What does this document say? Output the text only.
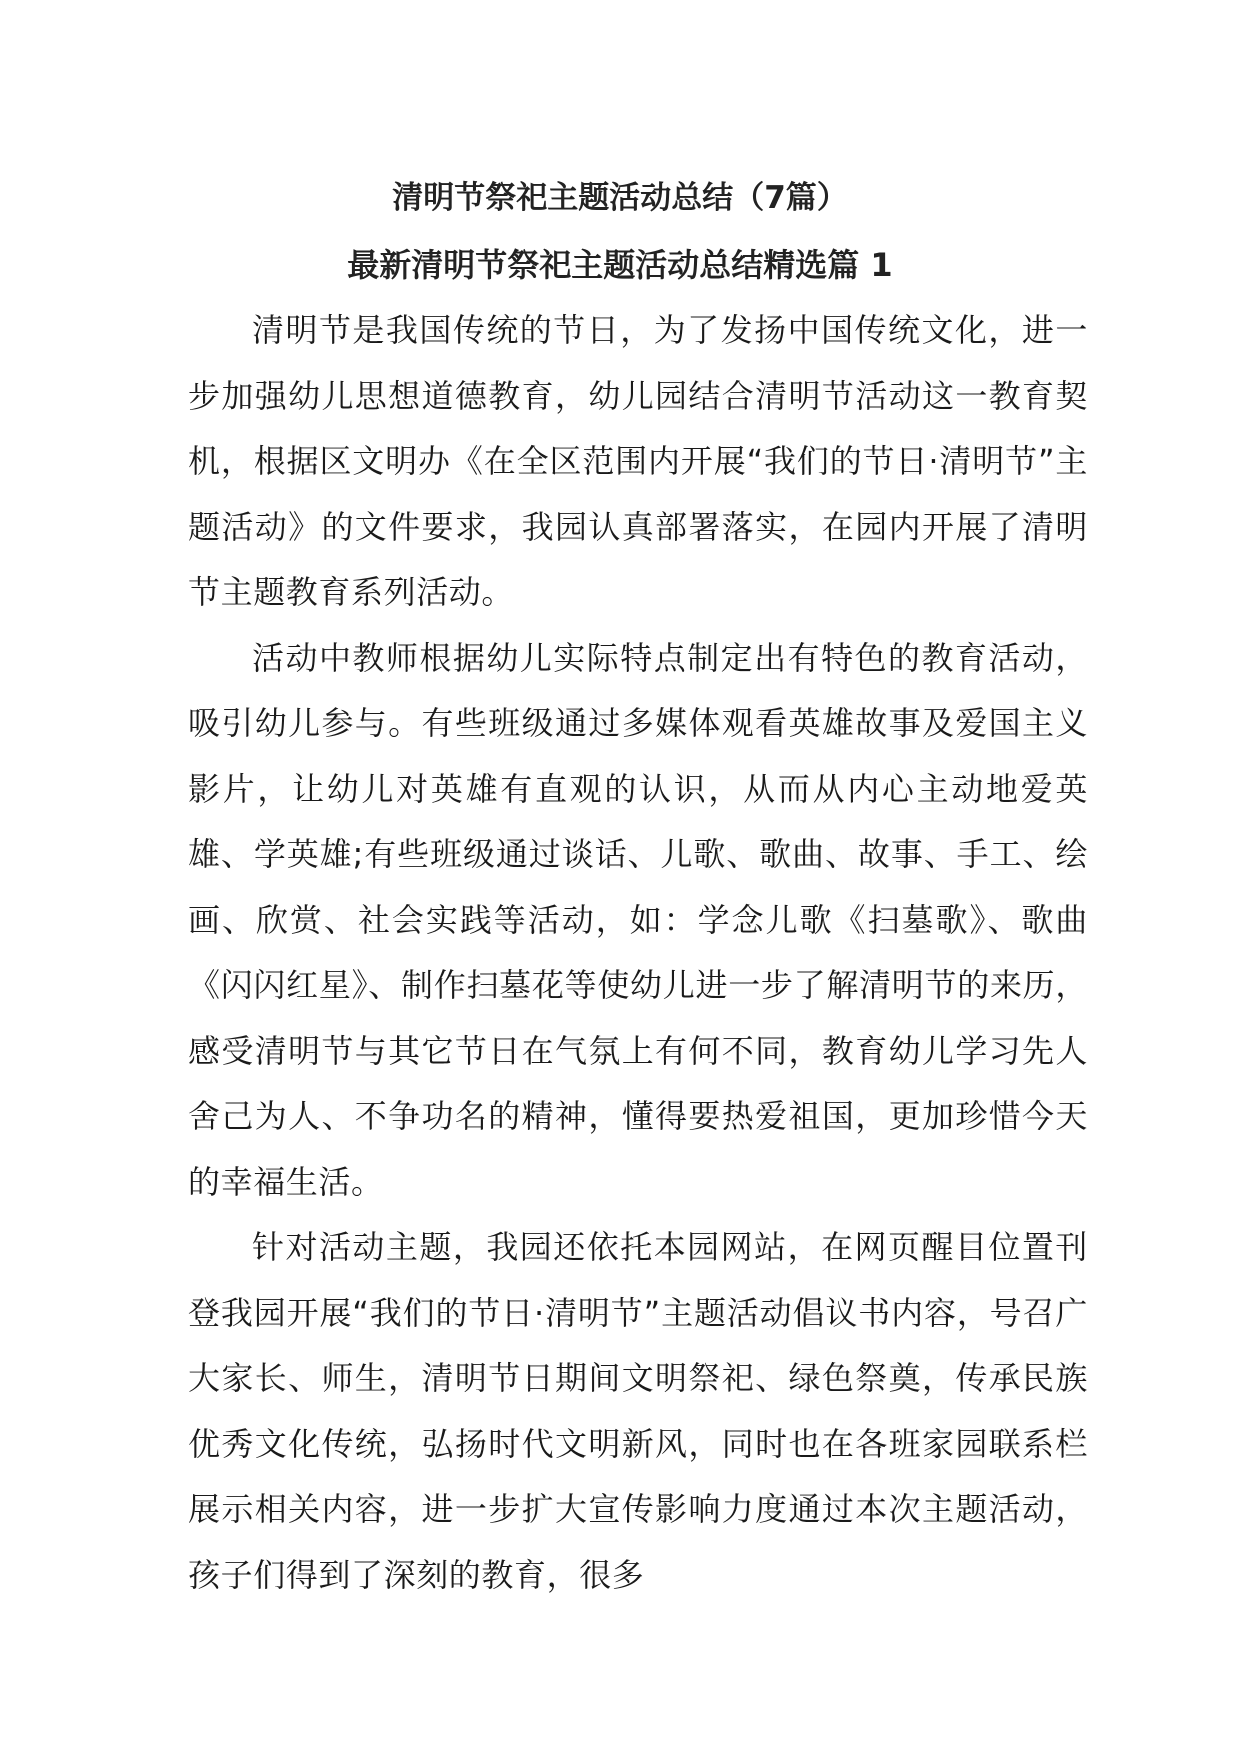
清明节祭祀主题活动总结（7篇）
最新清明节祭祀主题活动总结精选篇 1

清明节是我国传统的节日，为了发扬中国传统文化，进一步加强幼儿思想道德教育，幼儿园结合清明节活动这一教育契机，根据区文明办《在全区范围内开展“我们的节日·清明节”主题活动》的文件要求，我园认真部署落实，在园内开展了清明节主题教育系列活动。

活动中教师根据幼儿实际特点制定出有特色的教育活动，吸引幼儿参与。有些班级通过多媒体观看英雄故事及爱国主义影片，让幼儿对英雄有直观的认识，从而从内心主动地爱英雄、学英雄;有些班级通过谈话、儿歌、歌曲、故事、手工、绘画、欣赏、社会实践等活动，如：学念儿歌《扫墓歌》、歌曲《闪闪红星》、制作扫墓花等使幼儿进一步了解清明节的来历，感受清明节与其它节日在气氛上有何不同，教育幼儿学习先人舍己为人、不争功名的精神，懂得要热爱祖国，更加珍惜今天的幸福生活。

针对活动主题，我园还依托本园网站，在网页醒目位置刊登我园开展“我们的节日·清明节”主题活动倡议书内容，号召广大家长、师生，清明节日期间文明祭祀、绿色祭奠，传承民族优秀文化传统，弘扬时代文明新风，同时也在各班家园联系栏展示相关内容，进一步扩大宣传影响力度通过本次主题活动，孩子们得到了深刻的教育，很多
